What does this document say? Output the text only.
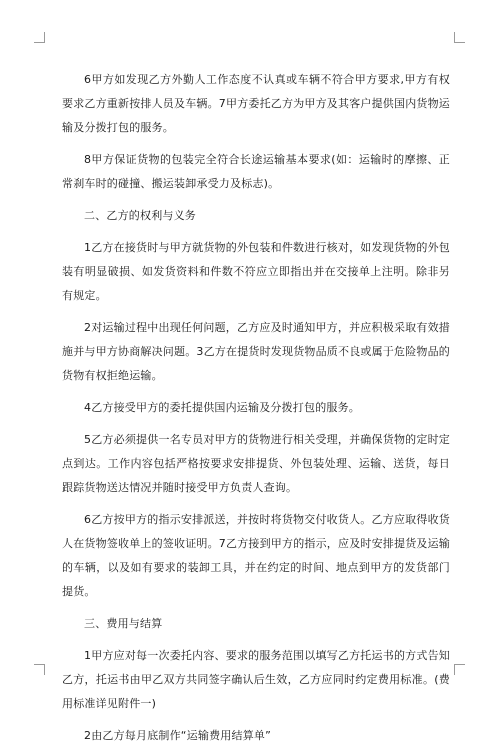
6甲方如发现乙方外勤人工作态度不认真或车辆不符合甲方要求,甲方有权要求乙方重新按排人员及车辆。7甲方委托乙方为甲方及其客户提供国内货物运输及分拨打包的服务。

8甲方保证货物的包装完全符合长途运输基本要求(如：运输时的摩擦、正常刹车时的碰撞、搬运装卸承受力及标志)。

二、乙方的权利与义务

1乙方在接货时与甲方就货物的外包装和件数进行核对，如发现货物的外包装有明显破损、如发货资料和件数不符应立即指出并在交接单上注明。除非另有规定。

2对运输过程中出现任何问题，乙方应及时通知甲方，并应积极采取有效措施并与甲方协商解决问题。3乙方在提货时发现货物品质不良或属于危险物品的货物有权拒绝运输。

4乙方接受甲方的委托提供国内运输及分拨打包的服务。

5乙方必须提供一名专员对甲方的货物进行相关受理，并确保货物的定时定点到达。工作内容包括严格按要求安排提货、外包装处理、运输、送货，每日跟踪货物送达情况并随时接受甲方负责人查询。

6乙方按甲方的指示安排派送，并按时将货物交付收货人。乙方应取得收货人在货物签收单上的签收证明。7乙方接到甲方的指示，应及时安排提货及运输的车辆，以及如有要求的装卸工具，并在约定的时间、地点到甲方的发货部门提货。

三、费用与结算

1甲方应对每一次委托内容、要求的服务范围以填写乙方托运书的方式告知乙方，托运书由甲乙双方共同签字确认后生效，乙方应同时约定费用标准。(费用标准详见附件一)

2由乙方每月底制作“运输费用结算单”
